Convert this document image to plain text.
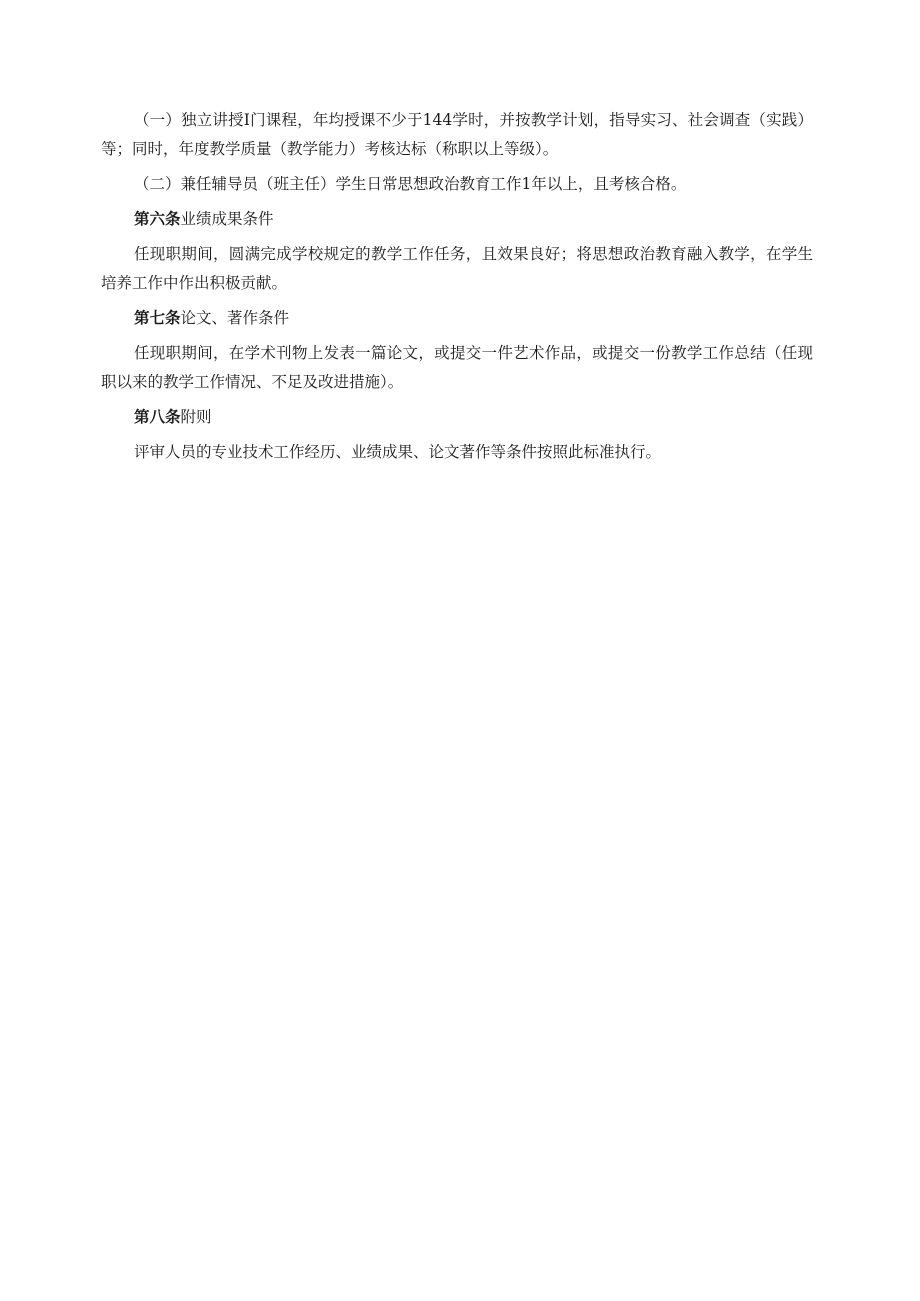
（一）独立讲授Ⅰ门课程，年均授课不少于144学时，并按教学计划，指导实习、社会调查（实践）等；同时，年度教学质量（教学能力）考核达标（称职以上等级）。

（二）兼任辅导员（班主任）学生日常思想政治教育工作1年以上，且考核合格。

第六条业绩成果条件

任现职期间，圆满完成学校规定的教学工作任务，且效果良好；将思想政治教育融入教学，在学生培养工作中作出积极贡献。

第七条论文、著作条件

任现职期间，在学术刊物上发表一篇论文，或提交一件艺术作品，或提交一份教学工作总结（任现职以来的教学工作情况、不足及改进措施）。

第八条附则

评审人员的专业技术工作经历、业绩成果、论文著作等条件按照此标准执行。
